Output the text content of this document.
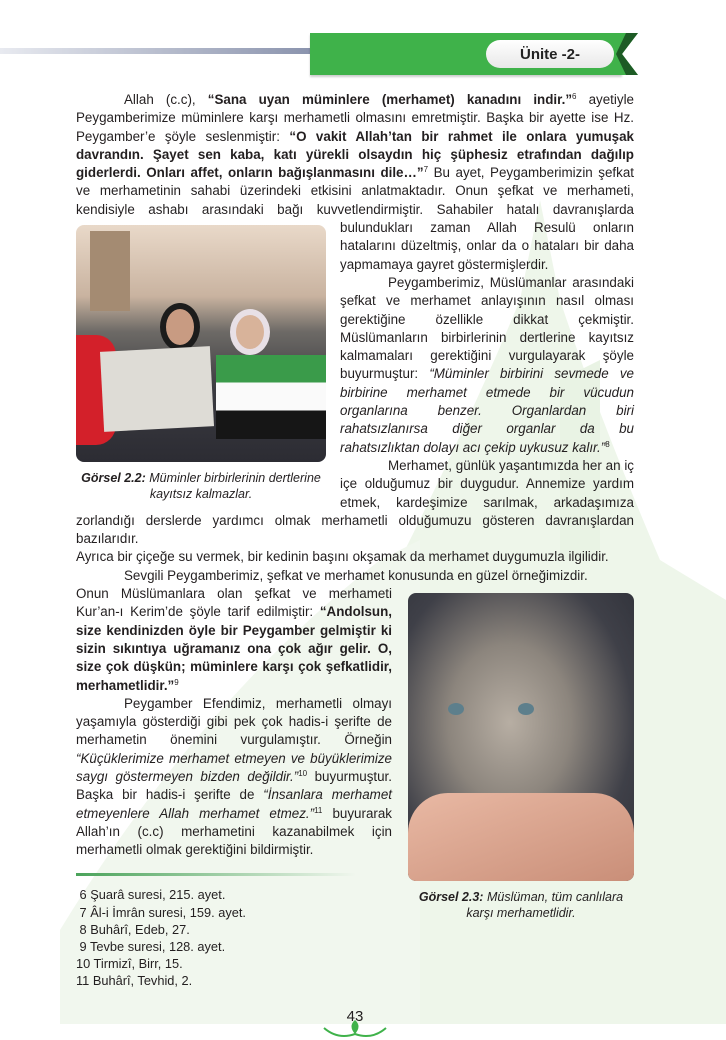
Ünite -2-

Allah (c.c), “Sana uyan müminlere (merhamet) kanadını indir.”$^6$ ayetiyle Peygamberimize müminlere karşı merhametli olmasını emretmiştir. Başka bir ayette ise Hz. Peygamber’e şöyle seslenmiştir: “O vakit Allah’tan bir rahmet ile onlara yumuşak davrandın. Şayet sen kaba, katı yürekli olsaydın hiç şüphesiz etrafından dağılıp giderlerdi. Onları affet, onların bağışlanmasını dile…”$^7$ Bu ayet, Peygamberimizin şefkat ve merhametinin sahabi üzerindeki etkisini anlatmaktadır. Onun şefkat ve merhameti, kendisiyle ashabı arasındaki bağı kuvvetlendirmiştir. Sahabiler hatalı davranışlarda bulundukları zaman Allah Resulü
Görsel 2.2: Müminler birbirlerinin dertlerine kayıtsız kalmazlar.
onların hatalarını düzeltmiş, onlar da o hataları bir daha yapmamaya gayret göstermişlerdir.

Peygamberimiz, Müslümanlar arasındaki şefkat ve merhamet anlayışının nasıl olması gerektiğine özellikle dikkat çekmiştir. Müslümanların birbirlerinin dertlerine kayıtsız kalmamaları gerektiğini vurgulayarak şöyle buyurmuştur: “Müminler birbirini sevmede ve birbirine merhamet etmede bir vücudun organlarına benzer. Organlardan biri rahatsızlanırsa diğer organlar da bu rahatsızlıktan dolayı acı çekip uykusuz kalır.”$^8$

Merhamet, günlük yaşantımızda her an iç içe olduğumuz bir duygudur. Annemize yardım etmek, kardeşimize sarılmak, arkadaşımıza zorlandığı derslerde yardımcı olmak merhametli olduğumuzu gösteren davranışlardan bazılarıdır.

Ayrıca bir çiçeğe su vermek, bir kedinin başını okşamak da merhamet duygumuzla ilgilidir.

Sevgili Peygamberimiz, şefkat ve merhamet konusunda en güzel örneğimizdir.

Görsel 2.3: Müslüman, tüm canlılara karşı merhametlidir.

Onun Müslümanlara olan şefkat ve merhameti Kur’an-ı Kerim’de şöyle tarif edilmiştir: “Andolsun, size kendinizden öyle bir Peygamber gelmiştir ki sizin sıkıntıya uğramanız ona çok ağır gelir. O, size çok düşkün; müminlere karşı çok şefkatlidir, merhametlidir.”$^9$

Peygamber Efendimiz, merhametli olmayı yaşamıyla gösterdiği gibi pek çok hadis-i şerifte de merhametin önemini vurgulamıştır. Örneğin “Küçüklerimize merhamet etmeyen ve büyüklerimize saygı göstermeyen bizden değildir.”$^{10}$ buyurmuştur. Başka bir hadis-i şerifte de “İnsanlara merhamet etmeyenlere Allah merhamet etmez.”$^{11}$ buyurarak Allah’ın (c.c) merhametini kazanabilmek için merhametli olmak gerektiğini bildirmiştir.

6 Şuarâ suresi, 215. ayet.
7 Âl-i İmrân suresi, 159. ayet.
8 Buhârî, Edeb, 27.
9 Tevbe suresi, 128. ayet.
10 Tirmizî, Birr, 15.
11 Buhârî, Tevhid, 2.
43
